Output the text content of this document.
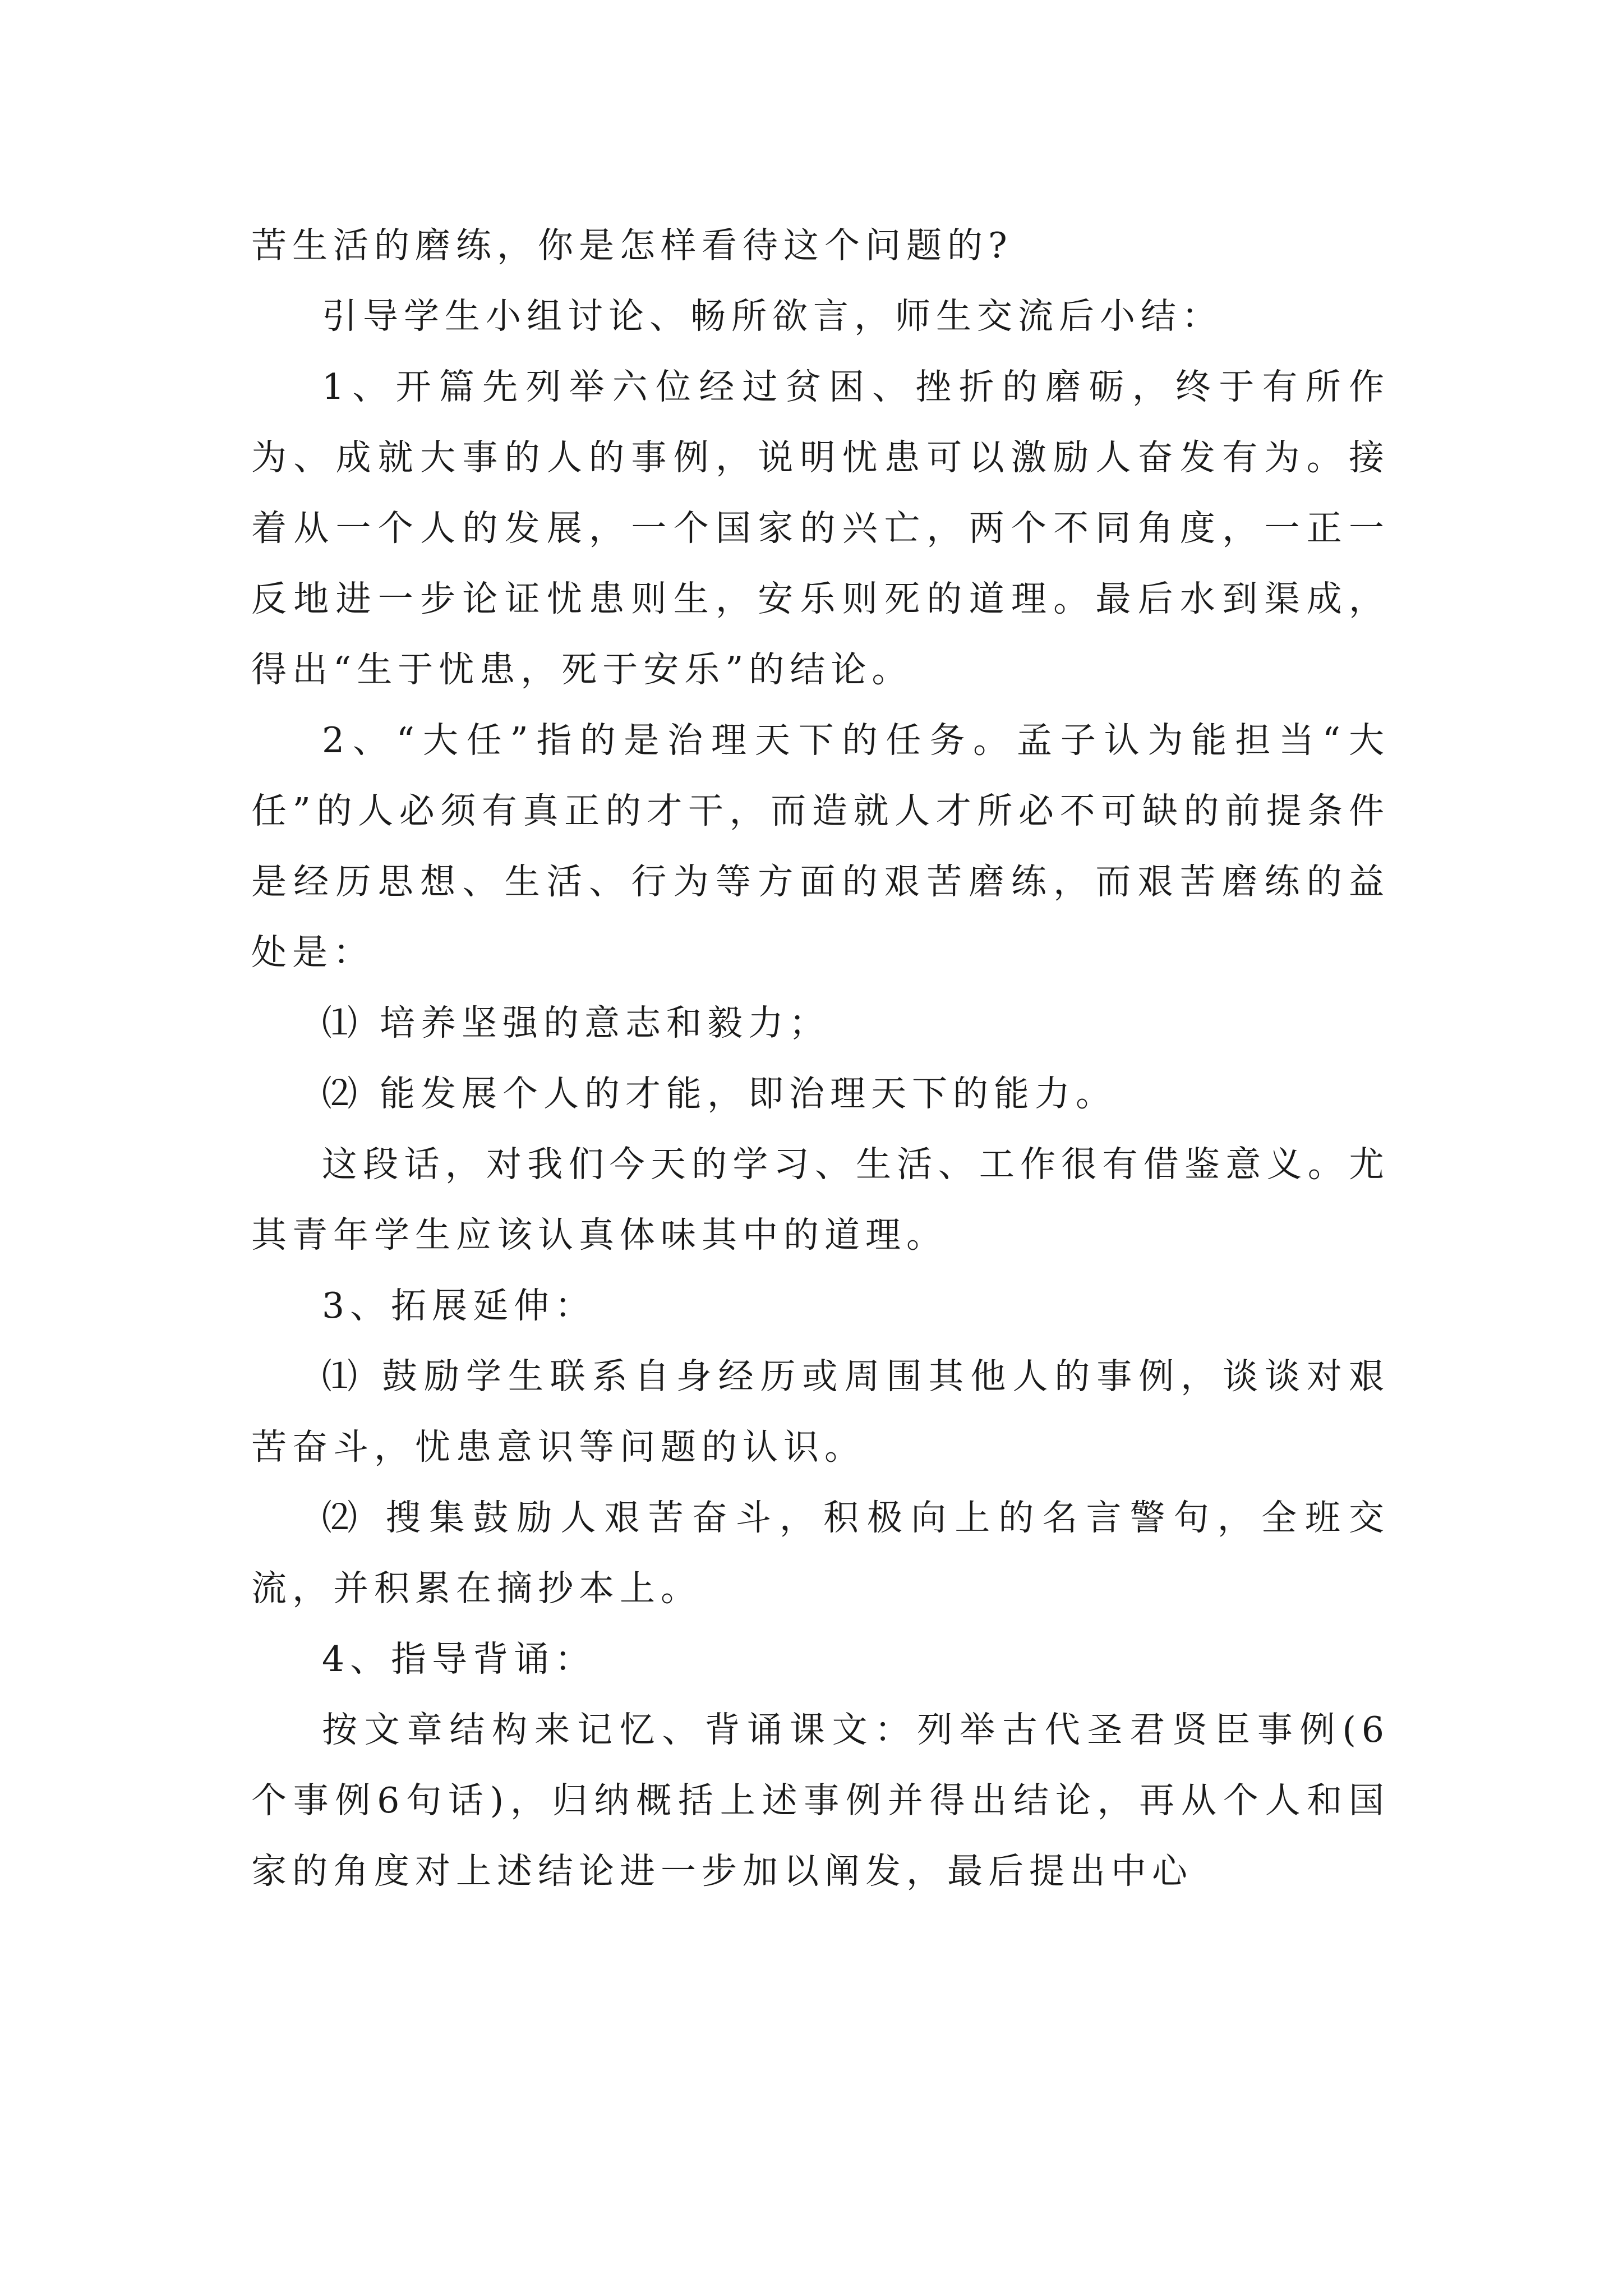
苦生活的磨练，你是怎样看待这个问题的?

引导学生小组讨论、畅所欲言，师生交流后小结：

1、开篇先列举六位经过贫困、挫折的磨砺，终于有所作为、成就大事的人的事例，说明忧患可以激励人奋发有为。接着从一个人的发展，一个国家的兴亡，两个不同角度，一正一反地进一步论证忧患则生，安乐则死的道理。最后水到渠成，得出“生于忧患，死于安乐”的结论。

2、“大任”指的是治理天下的任务。孟子认为能担当“大任”的人必须有真正的才干，而造就人才所必不可缺的前提条件是经历思想、生活、行为等方面的艰苦磨练，而艰苦磨练的益处是：

⑴ 培养坚强的意志和毅力；

⑵ 能发展个人的才能，即治理天下的能力。

这段话，对我们今天的学习、生活、工作很有借鉴意义。尤其青年学生应该认真体味其中的道理。

3、拓展延伸：

⑴ 鼓励学生联系自身经历或周围其他人的事例，谈谈对艰苦奋斗，忧患意识等问题的认识。

⑵ 搜集鼓励人艰苦奋斗，积极向上的名言警句，全班交流，并积累在摘抄本上。

4、指导背诵：

按文章结构来记忆、背诵课文：列举古代圣君贤臣事例(6个事例6句话)，归纳概括上述事例并得出结论，再从个人和国家的角度对上述结论进一步加以阐发，最后提出中心
